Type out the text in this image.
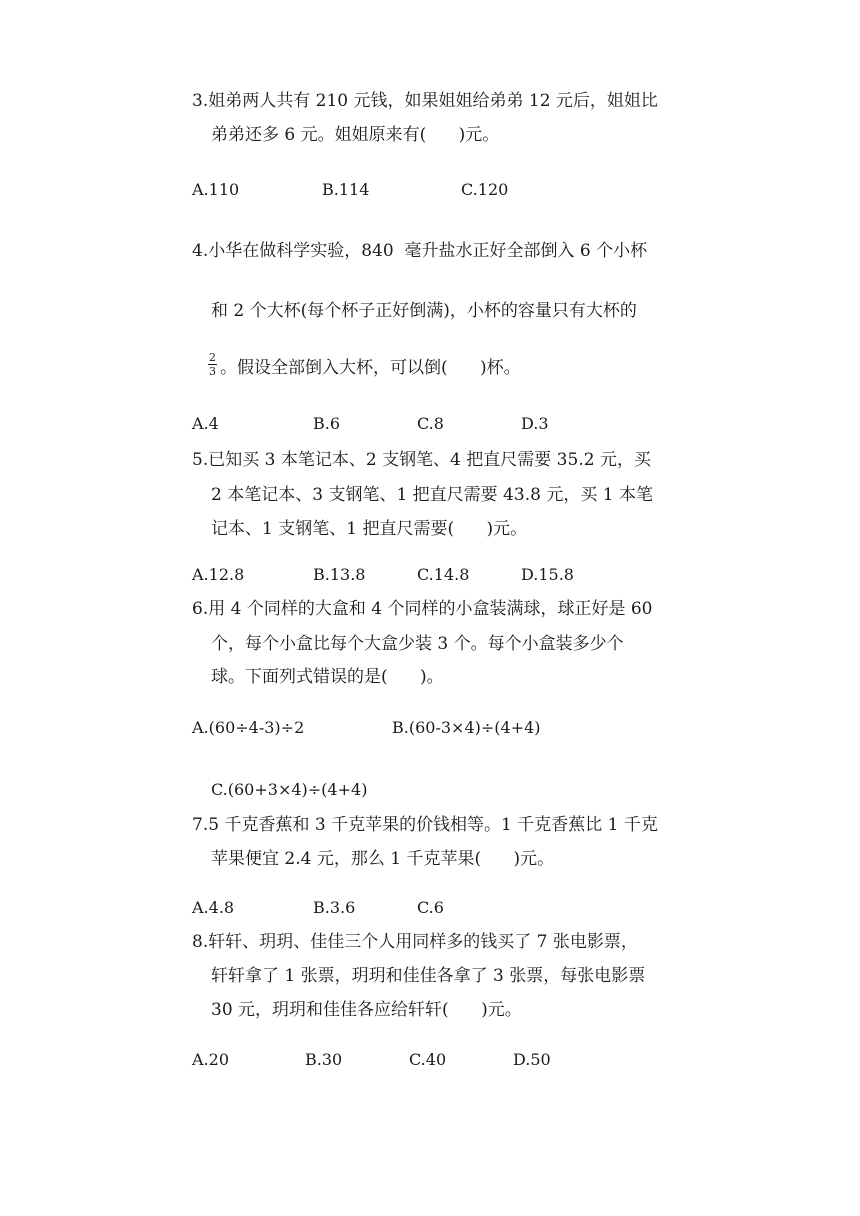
3.姐弟两人共有 210 元钱，如果姐姐给弟弟 12 元后，姐姐比
弟弟还多 6 元。姐姐原来有(      )元。
A.110	B.114	C.120
4.小华在做科学实验，840  毫升盐水正好全部倒入 6 个小杯
和 2 个大杯(每个杯子正好倒满)，小杯的容量只有大杯的
$\frac{2}{3}$ 。假设全部倒入大杯，可以倒(      )杯。
A.4	B.6	C.8	D.3
5.已知买 3 本笔记本、2 支钢笔、4 把直尺需要 35.2 元，买
2 本笔记本、3 支钢笔、1 把直尺需要 43.8 元，买 1 本笔
记本、1 支钢笔、1 把直尺需要(      )元。
A.12.8	B.13.8	C.14.8	D.15.8
6.用 4 个同样的大盒和 4 个同样的小盒装满球，球正好是 60
个，每个小盒比每个大盒少装 3 个。每个小盒装多少个
球。下面列式错误的是(      )。
A.(60÷4-3)÷2	B.(60-3×4)÷(4+4)
C.(60+3×4)÷(4+4)
7.5 千克香蕉和 3 千克苹果的价钱相等。1 千克香蕉比 1 千克
苹果便宜 2.4 元，那么 1 千克苹果(      )元。
A.4.8	B.3.6	C.6
8.轩轩、玥玥、佳佳三个人用同样多的钱买了 7 张电影票，
轩轩拿了 1 张票，玥玥和佳佳各拿了 3 张票，每张电影票
30 元，玥玥和佳佳各应给轩轩(      )元。
A.20	B.30	C.40	D.50
